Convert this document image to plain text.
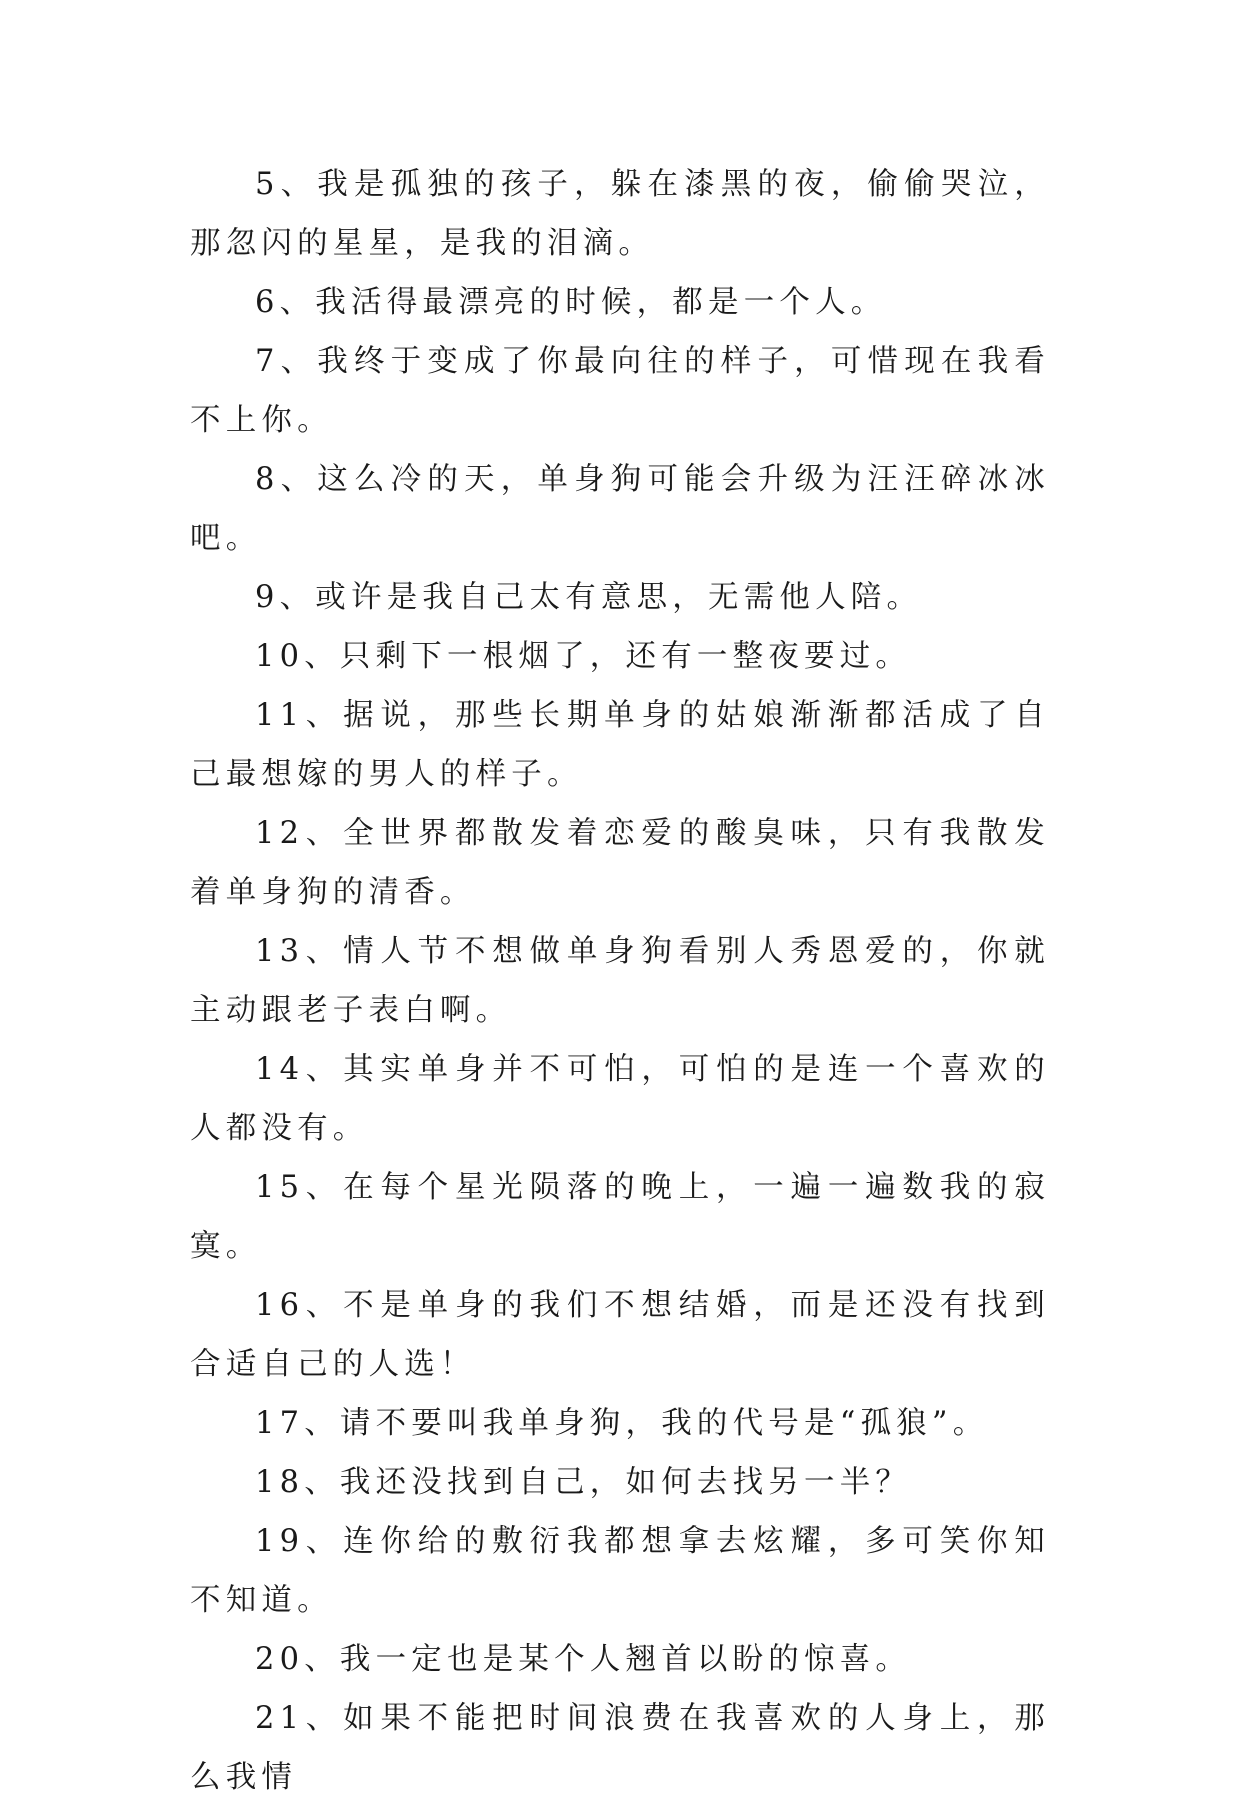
5、我是孤独的孩子，躲在漆黑的夜，偷偷哭泣，那忽闪的星星，是我的泪滴。

6、我活得最漂亮的时候，都是一个人。

7、我终于变成了你最向往的样子，可惜现在我看不上你。

8、这么冷的天，单身狗可能会升级为汪汪碎冰冰吧。

9、或许是我自己太有意思，无需他人陪。

10、只剩下一根烟了，还有一整夜要过。

11、据说，那些长期单身的姑娘渐渐都活成了自己最想嫁的男人的样子。

12、全世界都散发着恋爱的酸臭味，只有我散发着单身狗的清香。

13、情人节不想做单身狗看别人秀恩爱的，你就主动跟老子表白啊。

14、其实单身并不可怕，可怕的是连一个喜欢的人都没有。

15、在每个星光陨落的晚上，一遍一遍数我的寂寞。

16、不是单身的我们不想结婚，而是还没有找到合适自己的人选！

17、请不要叫我单身狗，我的代号是“孤狼”。

18、我还没找到自己，如何去找另一半？

19、连你给的敷衍我都想拿去炫耀，多可笑你知不知道。

20、我一定也是某个人翘首以盼的惊喜。

21、如果不能把时间浪费在我喜欢的人身上，那么我情
